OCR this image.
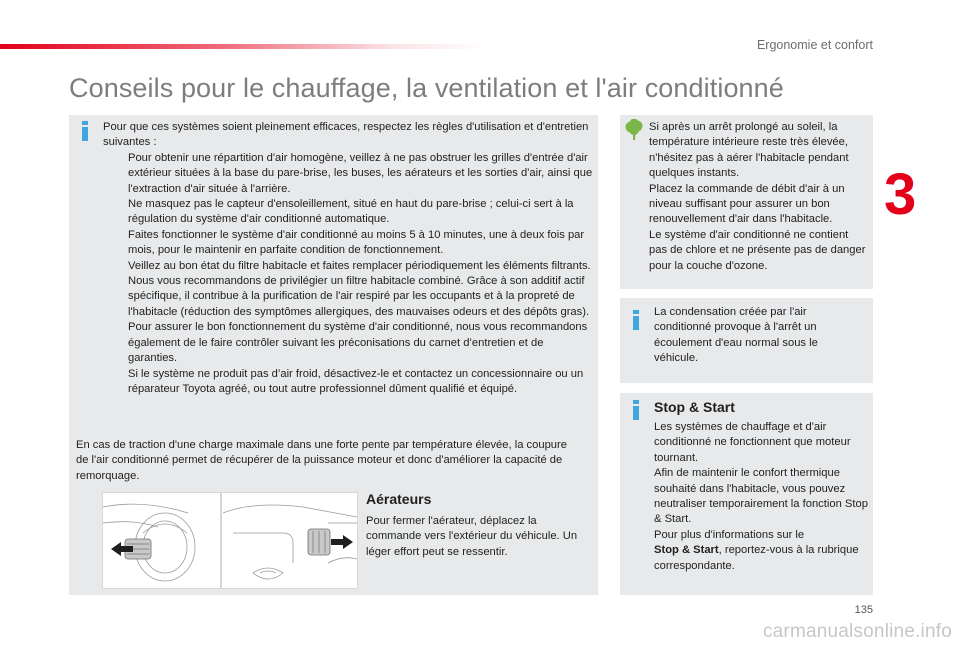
Ergonomie et confort
Conseils pour le chauffage, la ventilation et l'air conditionné
3

Pour que ces systèmes soient pleinement efficaces, respectez les règles d'utilisation et d'entretien suivantes :

Pour obtenir une répartition d'air homogène, veillez à ne pas obstruer les grilles d'entrée d'air extérieur situées à la base du pare-brise, les buses, les aérateurs et les sorties d'air, ainsi que l'extraction d'air située à l'arrière.
Ne masquez pas le capteur d'ensoleillement, situé en haut du pare-brise ; celui-ci sert à la régulation du système d'air conditionné automatique.
Faites fonctionner le système d'air conditionné au moins 5 à 10 minutes, une à deux fois par mois, pour le maintenir en parfaite condition de fonctionnement.
Veillez au bon état du filtre habitacle et faites remplacer périodiquement les éléments filtrants.
Nous vous recommandons de privilégier un filtre habitacle combiné. Grâce à son additif actif spécifique, il contribue à la purification de l'air respiré par les occupants et à la propreté de l'habitacle (réduction des symptômes allergiques, des mauvaises odeurs et des dépôts gras).
Pour assurer le bon fonctionnement du système d'air conditionné, nous vous recommandons également de le faire contrôler suivant les préconisations du carnet d’entretien et de garanties.
Si le système ne produit pas d’air froid, désactivez-le et contactez un concessionnaire ou un réparateur Toyota agréé, ou tout autre professionnel dûment qualifié et équipé.

En cas de traction d'une charge maximale dans une forte pente par température élevée, la coupure de l'air conditionné permet de récupérer de la puissance moteur et donc d'améliorer la capacité de remorquage.

Aérateurs

Pour fermer l'aérateur, déplacez la commande vers l'extérieur du véhicule. Un léger effort peut se ressentir.

Si après un arrêt prolongé au soleil, la température intérieure reste très élevée, n'hésitez pas à aérer l'habitacle pendant quelques instants.

Placez la commande de débit d'air à un niveau suffisant pour assurer un bon renouvellement d'air dans l'habitacle.

Le système d'air conditionné ne contient pas de chlore et ne présente pas de danger pour la couche d'ozone.

La condensation créée par l'air conditionné provoque à l'arrêt un écoulement d'eau normal sous le véhicule.

Stop & Start

Les systèmes de chauffage et d'air conditionné ne fonctionnent que moteur tournant.

Afin de maintenir le confort thermique souhaité dans l'habitacle, vous pouvez neutraliser temporairement la fonction Stop & Start.

Pour plus d'informations sur le

Stop & Start, reportez-vous à la rubrique correspondante.

135
carmanualsonline.info
